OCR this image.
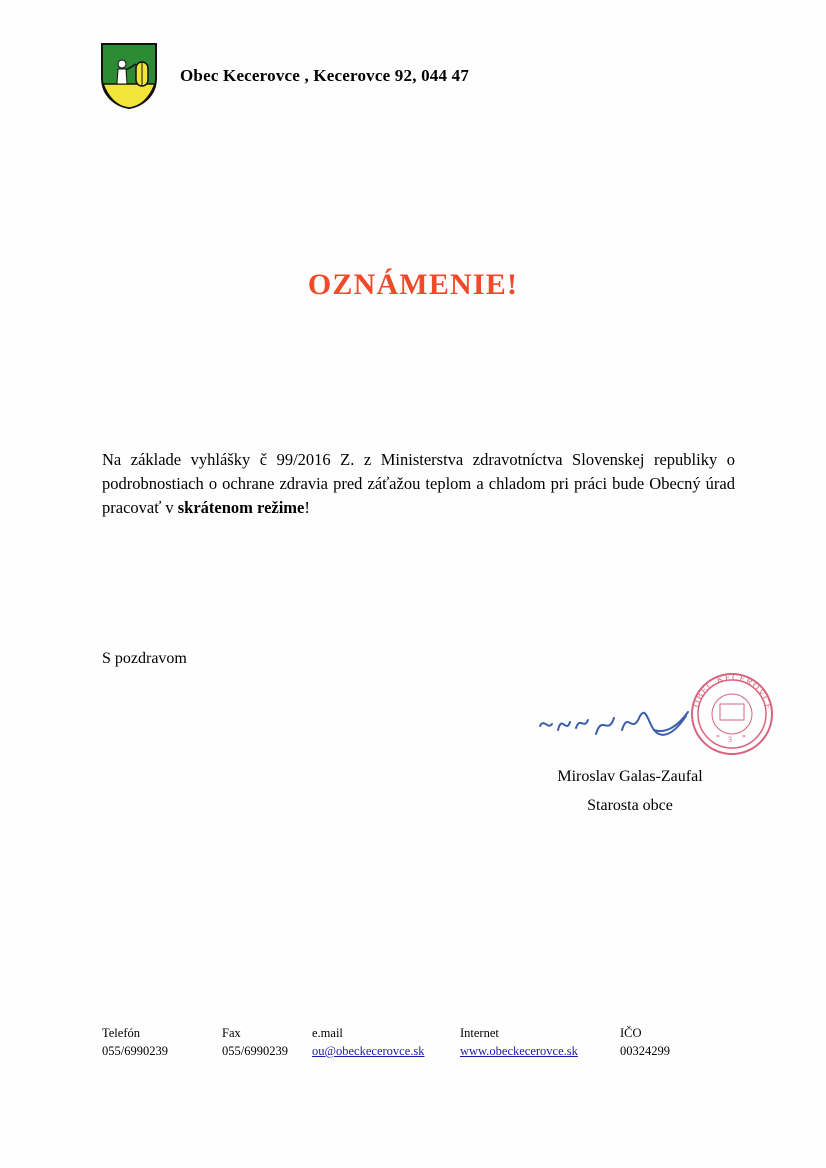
Obec Kecerovce , Kecerovce 92, 044 47
OZNÁMENIE!
Na základe vyhlášky č 99/2016 Z. z Ministerstva zdravotníctva Slovenskej republiky o podrobnostiach o ochrane zdravia pred záťažou teplom a chladom pri práci bude Obecný úrad pracovať v skrátenom režime!
S pozdravom
OBEC KECEROVCE
* 3 *
Miroslav Galas-Zaufal
Starosta obce
Telefón	Fax	e.mail	Internet	IČO
055/6990239	055/6990239	ou@obeckecerovce.sk	www.obeckecerovce.sk	00324299
